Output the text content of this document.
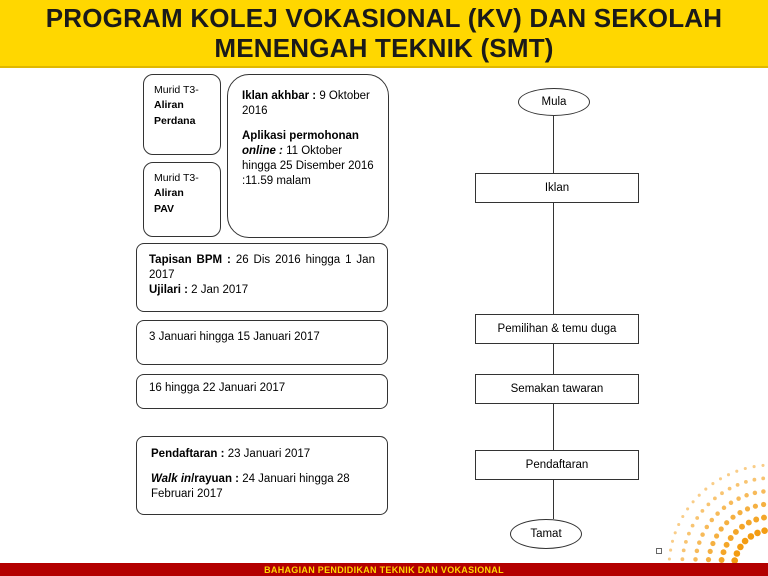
PROGRAM KOLEJ VOKASIONAL (KV) DAN SEKOLAH
MENENGAH TEKNIK (SMT)
Murid T3-
Aliran
Perdana
Murid T3-
Aliran
PAV
Iklan akhbar : 9 Oktober 2016
Aplikasi permohonan
online : 11 Oktober hingga 25 Disember 2016 :11.59 malam
Tapisan BPM : 26 Dis 2016 hingga 1 Jan 2017
Ujilari : 2 Jan 2017
3 Januari hingga 15 Januari 2017
16 hingga 22 Januari 2017
Pendaftaran : 23 Januari 2017
Walk in/rayuan : 24 Januari hingga 28 Februari 2017
Mula
Iklan
Pemilihan & temu duga
Semakan tawaran
Pendaftaran
Tamat
BAHAGIAN PENDIDIKAN TEKNIK DAN VOKASIONAL
